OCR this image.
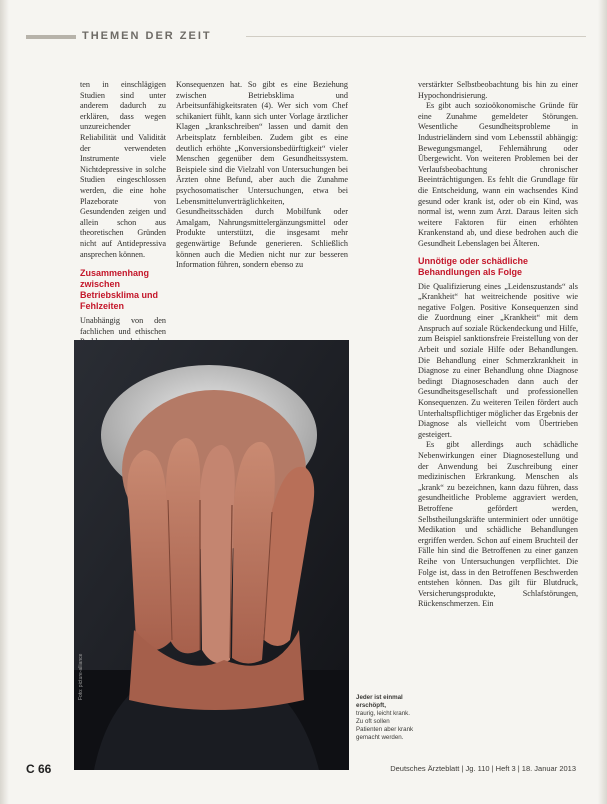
THEMEN DER ZEIT

ten in einschlägigen Studien sind unter anderem dadurch zu erklären, dass wegen unzureichender Reliabilität und Validität der verwendeten Instrumente viele Nichtdepressive in solche Studien eingeschlossen werden, die eine hohe Plazeborate von Gesundenden zeigen und allein schon aus theoretischen Gründen nicht auf Antidepressiva ansprechen können.

Zusammenhang zwischen Betriebsklima und Fehlzeiten

Unabhängig von den fachlichen und ethischen

Konsequenzen hat. So gibt es eine Beziehung zwischen Betriebsklima und Arbeitsunfähigkeitsraten (4). Wer sich vom Chef schikaniert fühlt, kann sich unter Vorlage ärztlicher Klagen „krankschreiben“ lassen und damit den Arbeitsplatz fernbleiben. Zudem gibt es eine deutlich erhöhte „Konversionsbedürftigkeit“ vieler Menschen gegenüber dem Gesundheitssystem. Beispiele sind die Vielzahl von Untersuchungen bei Ärzten ohne Befund, aber auch die Zunahme psychosomatischer Untersuchungen, etwa bei Lebensmittelunverträglichkeiten, Gesundheitsschäden durch Mobilfunk oder Amalgam, Nahrungsmittelergänzungsmittel oder Produkte unterstützt, die insgesamt mehr gegenwärtige Befunde generieren. Schließlich können auch die Medien nicht nur zur besseren Information führen, sondern ebenso zu

verstärkter Selbstbeobachtung bis hin zu einer Hypochondrisierung.

Es gibt auch sozioökonomische Gründe für eine Zunahme gemeldeter Störungen. Wesentliche Gesundheitsprobleme in Industrieländern sind vom Lebensstil abhängig: Bewegungsmangel, Fehlernährung oder Übergewicht. Von weiteren Problemen bei der Verlaufsbeobachtung chronischer Beeinträchtigungen. Es fehlt die Grundlage für die Entscheidung, wann ein wachsendes Kind gesund oder krank ist, oder ob ein Kind, was normal ist, wenn zum Arzt. Daraus leiten sich weitere Faktoren für einen erhöhten Krankenstand ab, und diese bedrohen auch die Gesundheit Lebenslagen bei Älteren.

Unnötige oder schädliche Behandlungen als Folge

Die Qualifizierung eines „Leidenszustands“ als „Krankheit“ hat weitreichende positive wie negative Folgen. Positive Konsequenzen sind die Zuordnung einer „Krankheit“ mit dem Anspruch auf soziale Rückendeckung und Hilfe, zum Beispiel sanktionsfreie Freistellung von der Arbeit und soziale Hilfe oder Behandlungen. Die Behandlung einer Schmerzkrankheit in Diagnose zu einer Behandlung ohne Diagnose bedingt Diagnoseschaden dann auch der Gesundheitsgesellschaft und professionellen Konsequenzen. Zu weiteren Teilen fördert auch Unterhaltspflichtiger möglicher das Ergebnis der Diagnose als vielleicht vom Übertrieben gesteigert.

Es gibt allerdings auch schädliche Nebenwirkungen einer Diagnosestellung und der Anwendung bei Zuschreibung einer medizinischen Erkrankung. Menschen als „krank“ zu bezeichnen, kann dazu führen, dass gesundheitliche Probleme aggraviert werden, Betroffene gefördert werden, Selbstheilungskräfte unterminiert oder unnötige Medikation und schädliche Behandlungen ergriffen werden. Schon auf einem Bruchteil der Fälle hin sind die Betroffenen zu einer ganzen Reihe von Untersuchungen verpflichtet. Die Folge ist, dass in den Betroffenen Beschwerden entstehen können. Das gilt für Blutdruck, Versicherungsprodukte, Schlafstörungen, Rückenschmerzen. Ein

Foto: picture-alliance	Jeder ist einmal erschöpft,
traurig, leicht krank. Zu oft sollen Patienten aber krank gemacht werden.
C 66	Deutsches Ärzteblatt | Jg. 110 | Heft 3 | 18. Januar 2013
